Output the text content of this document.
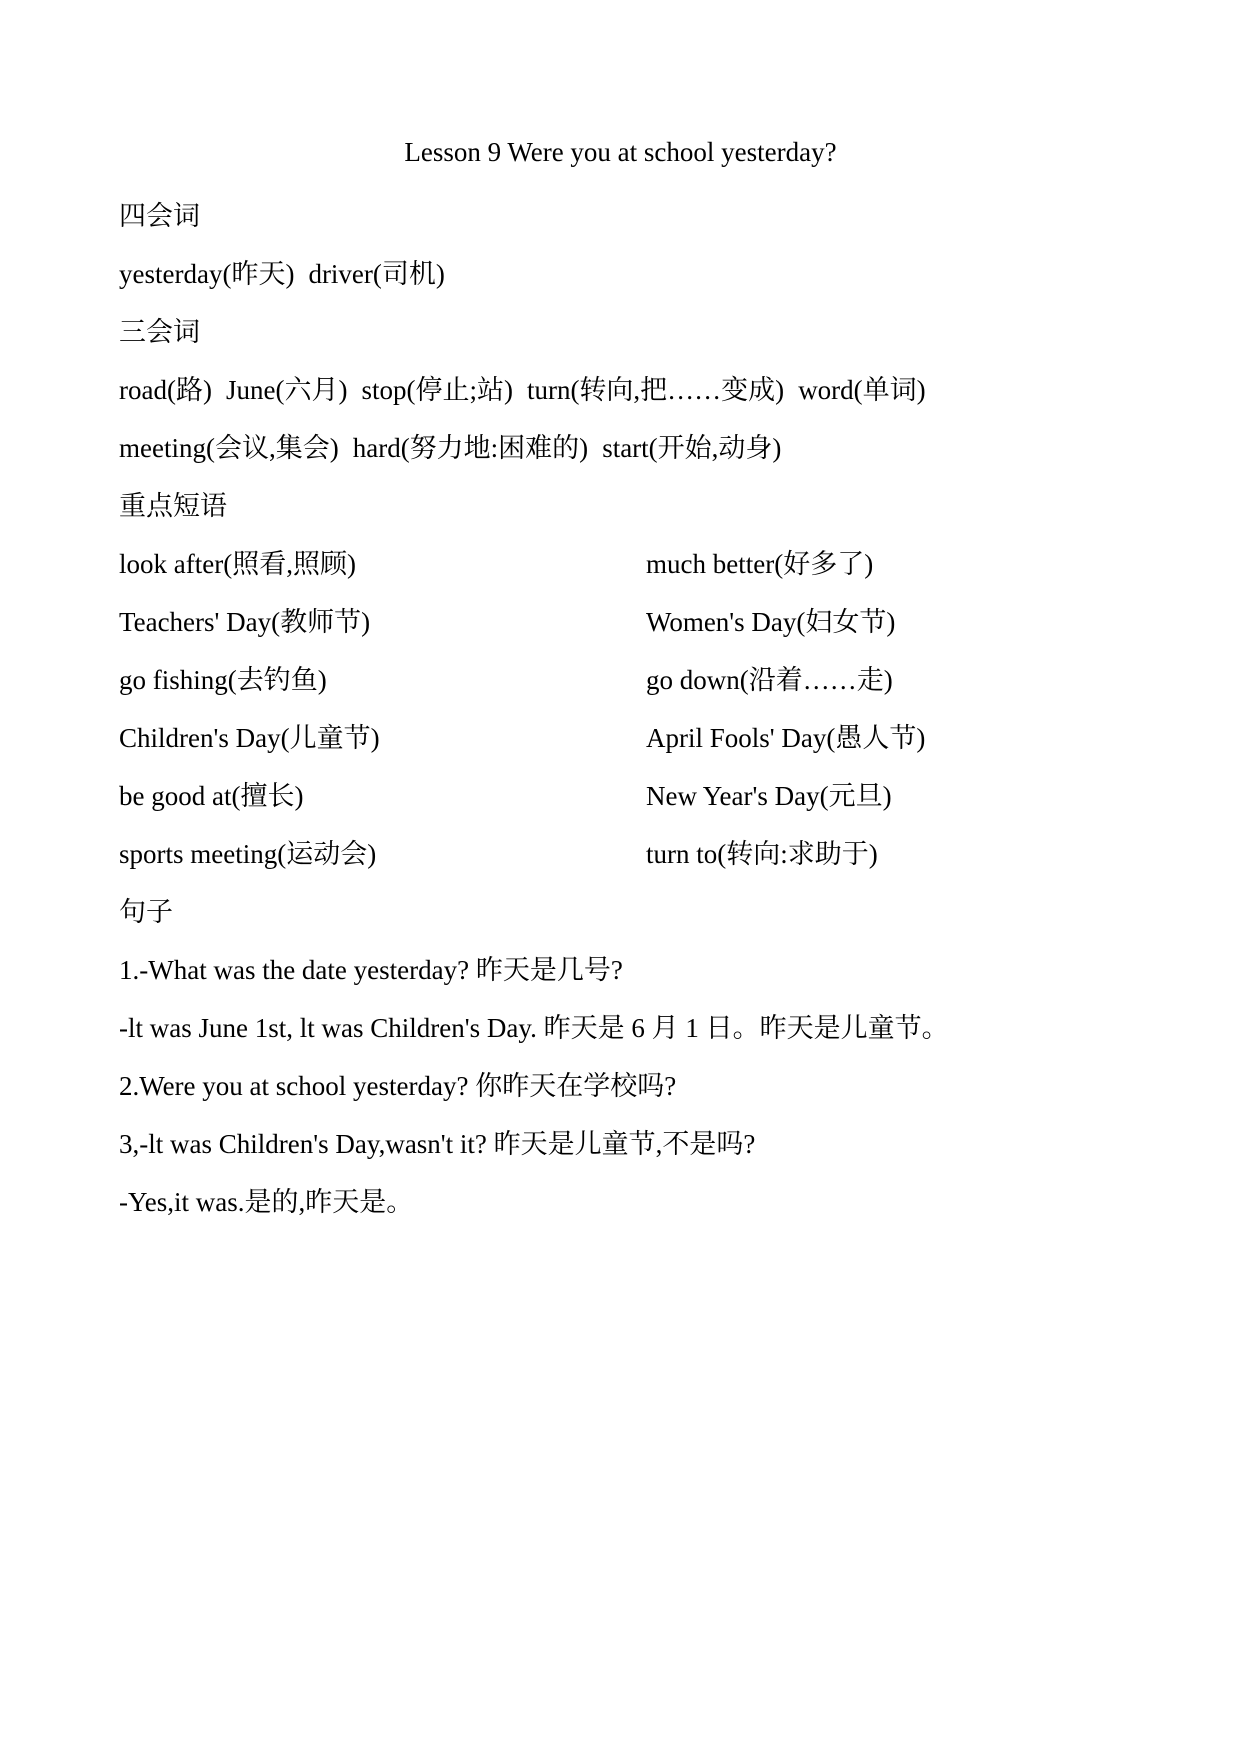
Lesson 9 Were you at school yesterday?
四会词
yesterday(昨天) driver(司机)
三会词
road(路) June(六月) stop(停止;站) turn(转向,把……变成) word(单词)
meeting(会议,集会) hard(努力地:困难的) start(开始,动身)
重点短语
look after(照看,照顾)	much better(好多了)
Teachers' Day(教师节)	Women's Day(妇女节)
go fishing(去钓鱼)	go down(沿着……走)
Children's Day(儿童节)	April Fools' Day(愚人节)
be good at(擅长)	New Year's Day(元旦)
sports meeting(运动会)	turn to(转向:求助于)
句子
1.-What was the date yesterday? 昨天是几号?
-lt was June 1st, lt was Children's Day. 昨天是 6 月 1 日。昨天是儿童节。
2.Were you at school yesterday? 你昨天在学校吗?
3,-lt was Children's Day,wasn't it? 昨天是儿童节,不是吗?
-Yes,it was.是的,昨天是。
